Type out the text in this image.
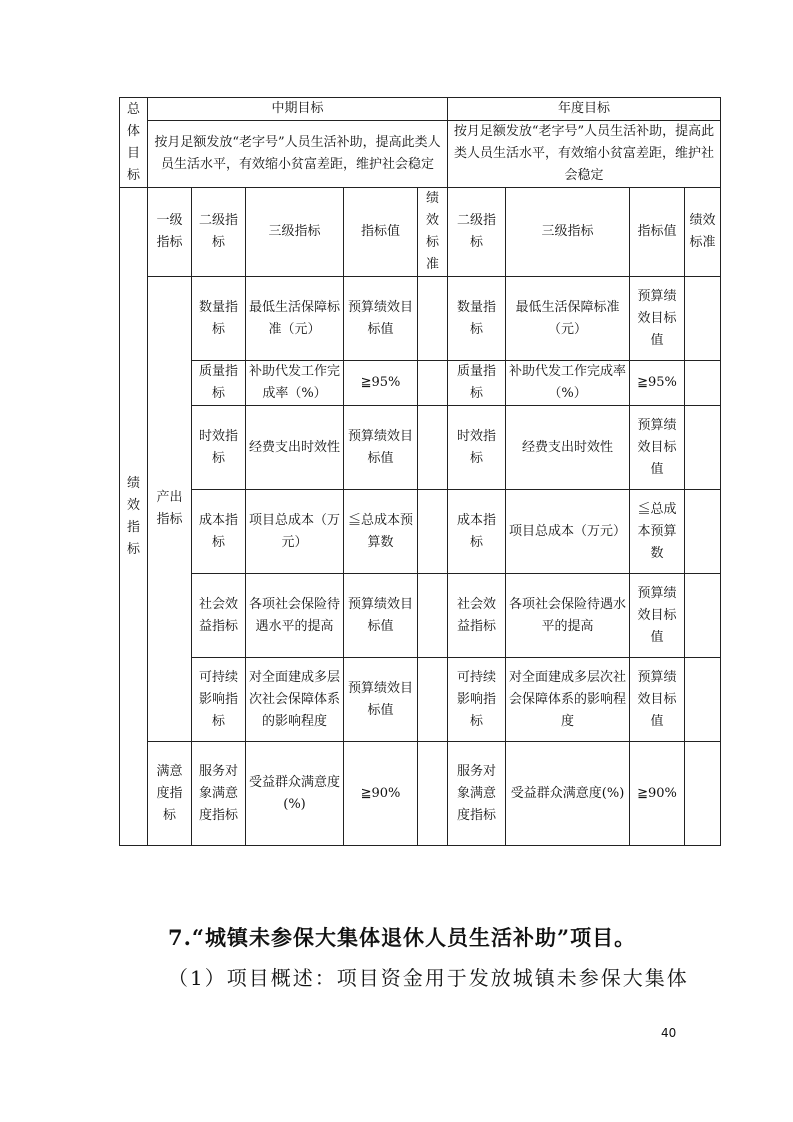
总体目标	中期目标					年度目标			
	按月足额发放“老字号”人员生活补助，提高此类人员生活水平，有效缩小贫富差距，维护社会稳定					按月足额发放“老字号”人员生活补助，提高此类人员生活水平，有效缩小贫富差距，维护社会稳定			
绩效指标	一级指标	二级指标	三级指标	指标值	绩效标准	二级指标	三级指标	指标值	绩效标准
	产出指标	数量指标	最低生活保障标准（元）	预算绩效目标值		数量指标	最低生活保障标准（元）	预算绩效目标值	
		质量指标	补助代发工作完成率（%）	≧95%		质量指标	补助代发工作完成率（%）	≧95%	
		时效指标	经费支出时效性	预算绩效目标值		时效指标	经费支出时效性	预算绩效目标值	
		成本指标	项目总成本（万元）	≦总成本预算数		成本指标	项目总成本（万元）	≦总成本预算数	
		社会效益指标	各项社会保险待遇水平的提高	预算绩效目标值		社会效益指标	各项社会保险待遇水平的提高	预算绩效目标值	
		可持续影响指标	对全面建成多层次社会保障体系的影响程度	预算绩效目标值		可持续影响指标	对全面建成多层次社会保障体系的影响程度	预算绩效目标值	
	满意度指标	服务对象满意度指标	受益群众满意度(%)	≧90%		服务对象满意度指标	受益群众满意度(%)	≧90%	
7.“城镇未参保大集体退休人员生活补助”项目。
（1）项目概述：项目资金用于发放城镇未参保大集体
40
